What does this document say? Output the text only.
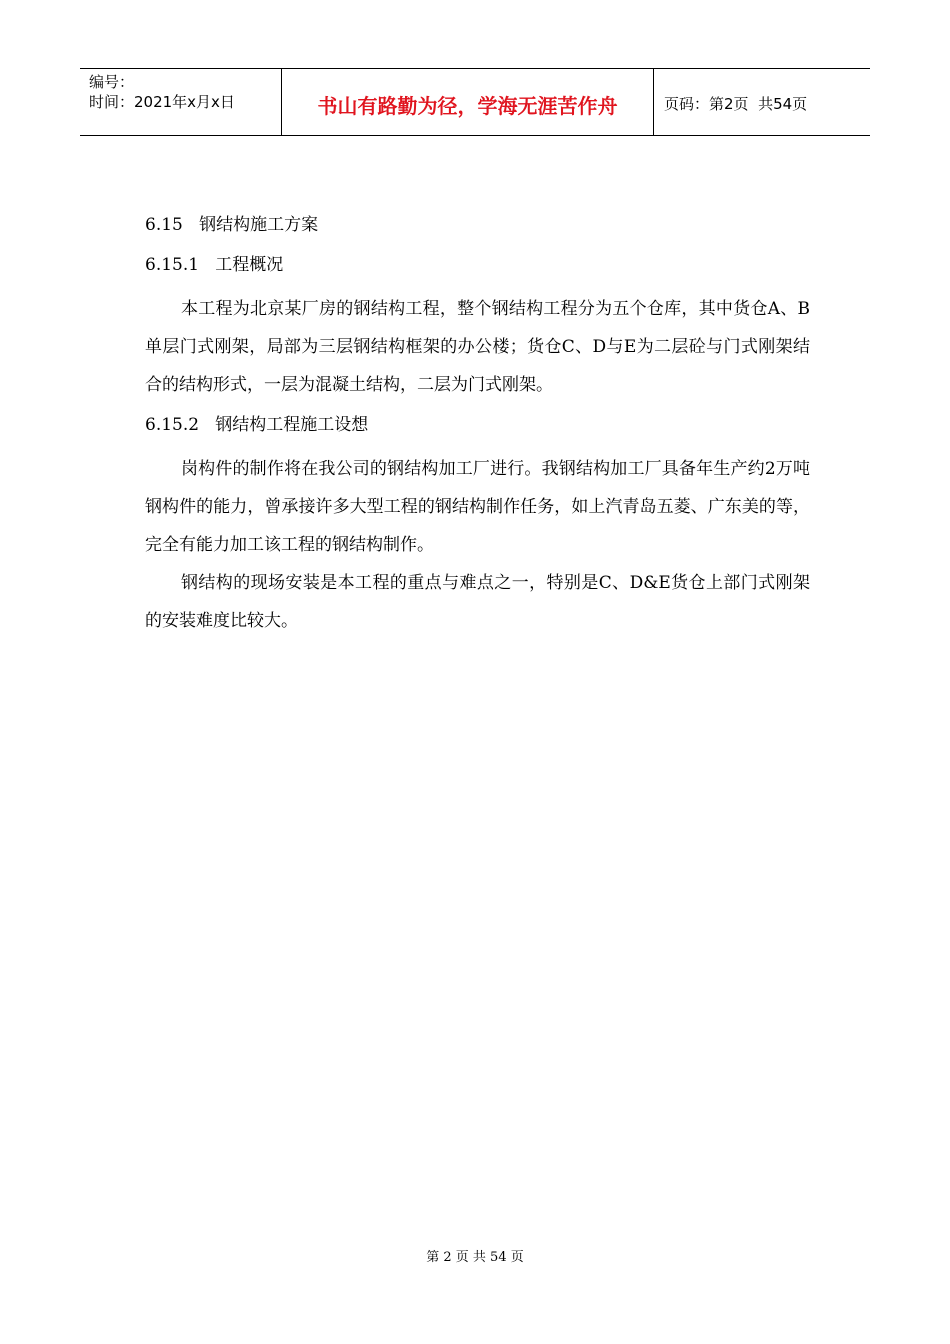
编号：
时间：2021年x月x日	书山有路勤为径，学海无涯苦作舟	页码：第2页  共54页
6.15   钢结构施工方案
6.15.1   工程概况

本工程为北京某厂房的钢结构工程，整个钢结构工程分为五个仓库，其中货仓A、B单层门式刚架，局部为三层钢结构框架的办公楼；货仓C、D与E为二层砼与门式刚架结合的结构形式，一层为混凝土结构，二层为门式刚架。

6.15.2   钢结构工程施工设想

岗构件的制作将在我公司的钢结构加工厂进行。我钢结构加工厂具备年生产约2万吨钢构件的能力，曾承接许多大型工程的钢结构制作任务，如上汽青岛五菱、广东美的等，完全有能力加工该工程的钢结构制作。

钢结构的现场安装是本工程的重点与难点之一，特别是C、D&E货仓上部门式刚架的安装难度比较大。

第 2 页 共 54 页
